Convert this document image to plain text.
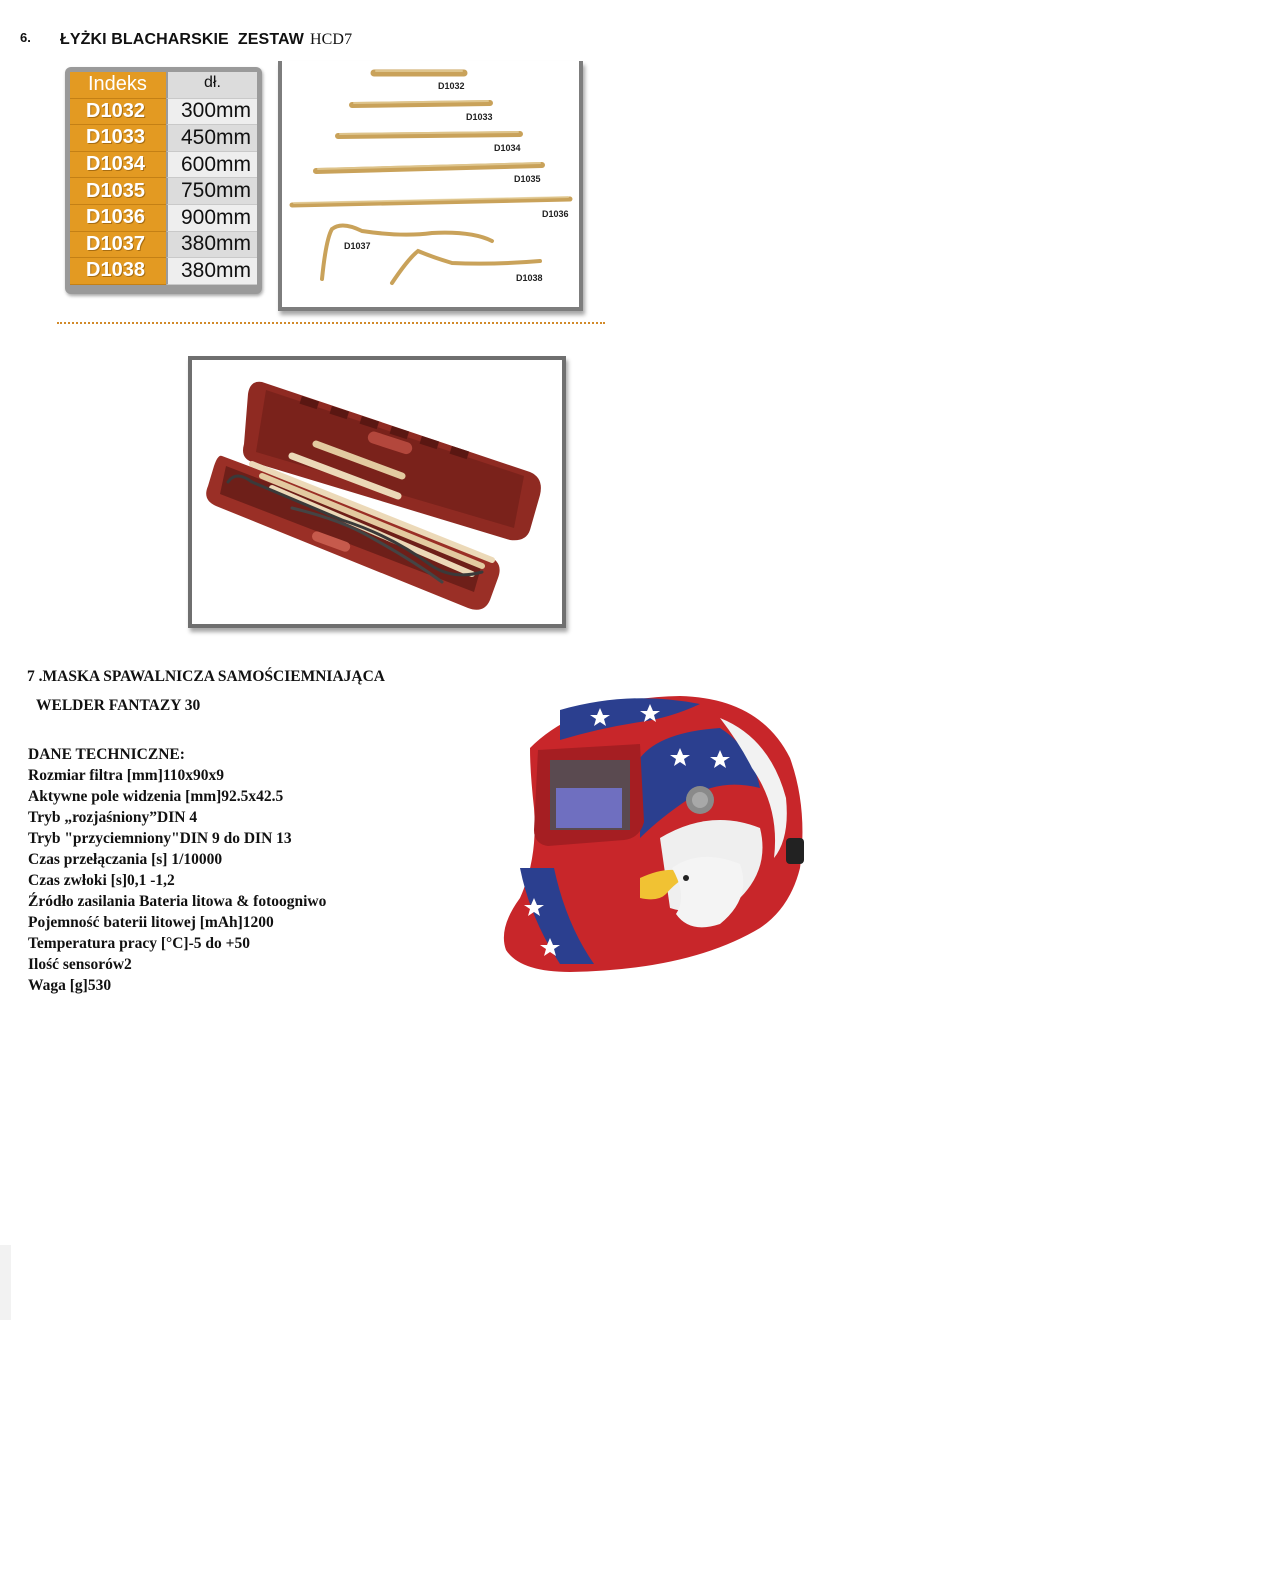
6. ŁYŻKI BLACHARSKIE  ZESTAW HCD7
Indeks	dł.
D1032	300mm
D1033	450mm
D1034	600mm
D1035	750mm
D1036	900mm
D1037	380mm
D1038	380mm
D1032
D1033
D1034
D1035
D1036
D1037
D1038
7 .MASKA SPAWALNICZA SAMOŚCIEMNIAJĄCA
WELDER FANTAZY 30
DANE TECHNICZNE:
Rozmiar filtra [mm]110x90x9
Aktywne pole widzenia [mm]92.5x42.5
Tryb „rozjaśniony”DIN 4
Tryb "przyciemniony"DIN 9 do DIN 13
Czas przełączania [s] 1/10000
Czas zwłoki [s]0,1 -1,2
Źródło zasilania Bateria litowa & fotoogniwo
Pojemność baterii litowej [mAh]1200
Temperatura pracy [°C]-5 do +50
Ilość sensorów2
Waga [g]530
